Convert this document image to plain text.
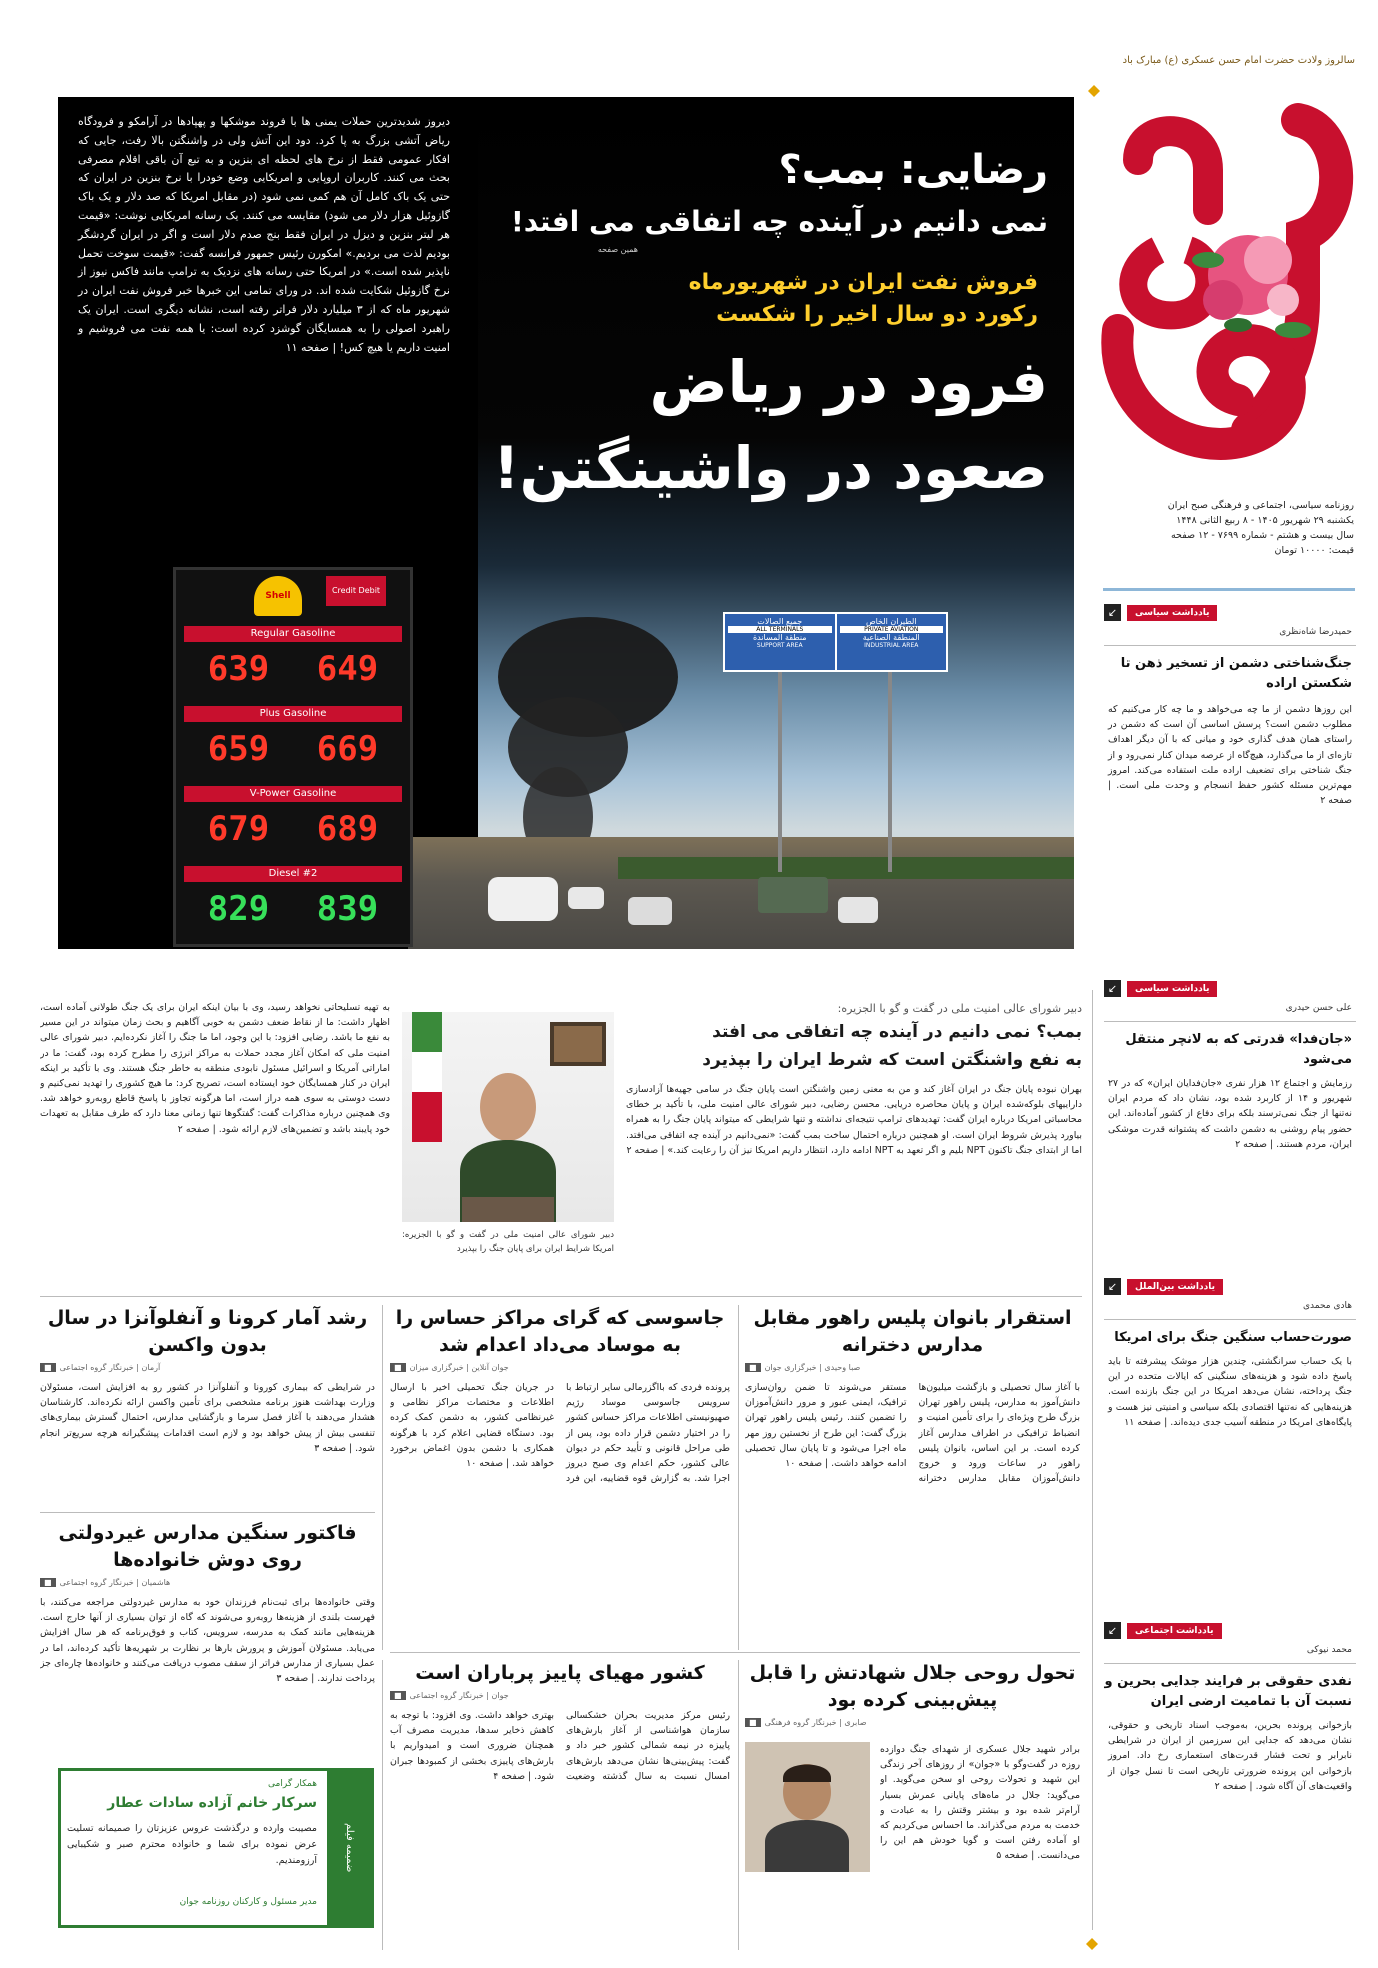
سالروز ولادت حضرت امام حسن عسکری (ع) مبارک باد
روزنامه سیاسی، اجتماعی و فرهنگی صبح ایران
یکشنبه ۲۹ شهریور ۱۴۰۵ - ۸ ربیع الثانی ۱۴۴۸
سال بیست و هشتم - شماره ۷۶۹۹ - ۱۲ صفحه
قیمت: ۱۰۰۰۰ تومان
الطيران الخاص
PRIVATE AVIATION
المنطقة الصناعية
INDUSTRIAL AREA
جميع الصالات
ALL TERMINALS
منطقة المساندة
SUPPORT AREA
Shell
Credit Debit
Regular Gasoline
639 649
Plus Gasoline
659 669
V-Power Gasoline
679 689
Diesel #2
829 839
دیروز شدیدترین حملات یمنی ها با فروند موشکها و پهپادها در آرامکو و فرودگاه ریاض آتشی بزرگ به پا کرد. دود این آتش ولی در واشنگتن بالا رفت، جایی که افکار عمومی فقط از نرخ های لحظه ای بنزین و به تبع آن باقی اقلام مصرفی بحث می کنند. کاربران اروپایی و امریکایی وضع خودرا با نرخ بنزین در ایران که حتی یک باک کامل آن هم کمی نمی شود (در مقابل امریکا که صد دلار و یک باک گازوئیل هزار دلار می شود) مقایسه می کنند. یک رسانه امریکایی نوشت: «قیمت هر لیتر بنزین و دیزل در ایران فقط بنج صدم دلار است و اگر در ایران گردشگر بودیم لذت می بردیم.» امکورن رئیس جمهور فرانسه گفت: «قیمت سوخت تحمل ناپذیر شده است.» در امریکا حتی رسانه های نزدیک به ترامپ مانند فاکس نیوز از نرخ گازوئیل شکایت شده اند. در ورای تمامی این خبرها خبر فروش نفت ایران در شهریور ماه که از ۳ میلیارد دلار فراتر رفته است، نشانه دیگری است. ایران یک راهبرد اصولی را به همسایگان گوشزد کرده است: یا همه نفت می فروشیم و امنیت داریم یا هیچ کس! | صفحه ۱۱
رضایی: بمب؟
نمی دانیم در آینده چه اتفاقی می افتد!
همین صفحه
فروش نفت ایران در شهریورماه
رکورد دو سال اخیر را شکست
فرود در ریاض
صعود در واشینگتن!
یادداشت سیاسی
↙
حمیدرضا شاه‌نظری
جنگ‌شناختی دشمن از تسخیر ذهن تا شکستن اراده
این روزها دشمن از ما چه می‌خواهد و ما چه کار می‌کنیم که مطلوب دشمن است؟ پرسش اساسی آن است که دشمن در راستای همان هدف گذاری خود و میانی که با آن دیگر اهداف تازه‌ای از ما می‌گذارد، هیچ‌گاه از عرصه میدان کنار نمی‌رود و از جنگ شناختی برای تضعیف اراده ملت استفاده می‌کند. امروز مهم‌ترین مسئله کشور حفظ انسجام و وحدت ملی است. | صفحه ۲
یادداشت سیاسی
↙
علی حسن حیدری
«جان‌فدا» قدرتی که به لانچر منتقل می‌شود
رزمایش و اجتماع ۱۲ هزار نفری «جان‌فدایان ایران» که در ۲۷ شهریور و ۱۴ از کاربرد شده بود، نشان داد که مردم ایران نه‌تنها از جنگ نمی‌ترسند بلکه برای دفاع از کشور آماده‌اند. این حضور پیام روشنی به دشمن داشت که پشتوانه قدرت موشکی ایران، مردم هستند. | صفحه ۲
یادداشت بین‌الملل
↙
هادی محمدی
صورت‌حساب سنگین جنگ برای امریکا
با یک حساب سرانگشتی، چندین هزار موشک پیشرفته تا باید پاسخ داده شود و هزینه‌های سنگینی که ایالات متحده در این جنگ پرداخته، نشان می‌دهد امریکا در این جنگ بازنده است. هزینه‌هایی که نه‌تنها اقتصادی بلکه سیاسی و امنیتی نیز هست و پایگاه‌های امریکا در منطقه آسیب جدی دیده‌اند. | صفحه ۱۱
یادداشت اجتماعی
↙
محمد نیوکی
نفدی حقوقی بر فرایند جدایی بحرین و نسبت آن با تمامیت ارضی ایران
بازخوانی پرونده بحرین، به‌موجب اسناد تاریخی و حقوقی، نشان می‌دهد که جدایی این سرزمین از ایران در شرایطی نابرابر و تحت فشار قدرت‌های استعماری رخ داد. امروز بازخوانی این پرونده ضرورتی تاریخی است تا نسل جوان از واقعیت‌های آن آگاه شود. | صفحه ۲
به تهیه تسلیحاتی نخواهد رسید، وی با بیان اینکه ایران برای یک جنگ طولانی آماده است، اظهار داشت: ما از نقاط ضعف دشمن به خوبی آگاهیم و بحث زمان میتواند در این مسیر به نفع ما باشد. رضایی افزود: با این وجود، اما ما جنگ را آغاز نکرده‌ایم. دبیر شورای عالی امنیت ملی که امکان آغاز مجدد حملات به مراکز انرژی را مطرح کرده بود، گفت: ما در اماراتی آمریکا و اسرائیل مسئول نابودی منطقه به خاطر جنگ هستند. وی با تأکید بر اینکه ایران در کنار همسایگان خود ایستاده است، تصریح کرد: ما هیچ کشوری را تهدید نمی‌کنیم و دست دوستی به سوی همه دراز است، اما هرگونه تجاوز با پاسخ قاطع روبه‌رو خواهد شد. وی همچنین درباره مذاکرات گفت: گفتگوها تنها زمانی معنا دارد که طرف مقابل به تعهدات خود پایبند باشد و تضمین‌های لازم ارائه شود. | صفحه ۲
دبیر شورای عالی امنیت ملی در گفت و گو با الجزیره: امریکا شرایط ایران برای پایان جنگ را بپذیرد
دبیر شورای عالی امنیت ملی در گفت و گو با الجزیره:
بمب؟ نمی دانیم در آینده چه اتفاقی می افتد
به نفع واشنگتن است که شرط ایران را بپذیرد
بهران نبوده پایان جنگ در ایران آغاز کند و من به معنی زمین واشنگتن است پایان جنگ در سامی جهیه‌ها آزادسازی داراییهای بلوکه‌شده ایران و پایان محاصره دریایی. محسن رضایی، دبیر شورای عالی امنیت ملی، با تأکید بر خطای محاسباتی امریکا درباره ایران گفت: تهدیدهای ترامپ نتیجه‌ای نداشته و تنها شرایطی که میتواند پایان جنگ را به همراه بیاورد پذیرش شروط ایران است. او همچنین درباره احتمال ساخت بمب گفت: «نمی‌دانیم در آینده چه اتفاقی می‌افتد. اما از ابتدای جنگ تاکنون NPT بلیم و اگر تعهد به NPT ادامه دارد، انتظار داریم امریکا نیز آن را رعایت کند.» | صفحه ۲
استقرار بانوان پلیس راهور مقابل مدارس دخترانه
صبا وحیدی | خبرگزاری جوان
■
با آغاز سال تحصیلی و بازگشت میلیون‌ها دانش‌آموز به مدارس، پلیس راهور تهران بزرگ طرح ویژه‌ای را برای تأمین امنیت و انضباط ترافیکی در اطراف مدارس آغاز کرده است. بر این اساس، بانوان پلیس راهور در ساعات ورود و خروج دانش‌آموزان مقابل مدارس دخترانه مستقر می‌شوند تا ضمن روان‌سازی ترافیک، ایمنی عبور و مرور دانش‌آموزان را تضمین کنند. رئیس پلیس راهور تهران بزرگ گفت: این طرح از نخستین روز مهر ماه اجرا می‌شود و تا پایان سال تحصیلی ادامه خواهد داشت. | صفحه ۱۰
جاسوسی که گرای مراکز حساس را به موساد می‌داد اعدام شد
جوان آنلاین | خبرگزاری میزان
■
پرونده فردی که بااگزرمالی سایر ارتباط با سرویس جاسوسی موساد رژیم صهیونیستی اطلاعات مراکز حساس کشور را در اختیار دشمن قرار داده بود، پس از طی مراحل قانونی و تأیید حکم در دیوان عالی کشور، حکم اعدام وی صبح دیروز اجرا شد. به گزارش قوه قضاییه، این فرد در جریان جنگ تحمیلی اخیر با ارسال اطلاعات و مختصات مراکز نظامی و غیرنظامی کشور، به دشمن کمک کرده بود. دستگاه قضایی اعلام کرد با هرگونه همکاری با دشمن بدون اغماض برخورد خواهد شد. | صفحه ۱۰
رشد آمار کرونا و آنفلوآنزا در سال بدون واکسن
آرمان | خبرنگار گروه اجتماعی
■
در شرایطی که بیماری کورونا و آنفلوآنزا در کشور رو به افزایش است، مسئولان وزارت بهداشت هنوز برنامه مشخصی برای تأمین واکسن ارائه نکرده‌اند. کارشناسان هشدار می‌دهند با آغاز فصل سرما و بازگشایی مدارس، احتمال گسترش بیماری‌های تنفسی بیش از پیش خواهد بود و لازم است اقدامات پیشگیرانه هرچه سریع‌تر انجام شود. | صفحه ۳
فاکتور سنگین مدارس غیردولتی روی دوش خانواده‌ها
هاشمیان | خبرنگار گروه اجتماعی
■
وقتی خانواده‌ها برای ثبت‌نام فرزندان خود به مدارس غیردولتی مراجعه می‌کنند، با فهرست بلندی از هزینه‌ها روبه‌رو می‌شوند که گاه از توان بسیاری از آنها خارج است. هزینه‌هایی مانند کمک به مدرسه، سرویس، کتاب و فوق‌برنامه که هر سال افزایش می‌یابد. مسئولان آموزش و پرورش بارها بر نظارت بر شهریه‌ها تأکید کرده‌اند، اما در عمل بسیاری از مدارس فراتر از سقف مصوب دریافت می‌کنند و خانواده‌ها چاره‌ای جز پرداخت ندارند. | صفحه ۳	تحول روحی جلال شهادتش را قابل پیش‌بینی کرده بود
صابری | خبرنگار گروه فرهنگی
■
برادر شهید جلال عسکری از شهدای جنگ دوازده روزه در گفت‌وگو با «جوان» از روزهای آخر زندگی این شهید و تحولات روحی او سخن می‌گوید. او می‌گوید: جلال در ماه‌های پایانی عمرش بسیار آرام‌تر شده بود و بیشتر وقتش را به عبادت و خدمت به مردم می‌گذراند. ما احساس می‌کردیم که او آماده رفتن است و گویا خودش هم این را می‌دانست. | صفحه ۵
کشور مهیای پاییز پرباران است
جوان | خبرنگار گروه اجتماعی
■
رئیس مرکز مدیریت بحران خشکسالی سازمان هواشناسی از آغاز بارش‌های پاییزه در نیمه شمالی کشور خبر داد و گفت: پیش‌بینی‌ها نشان می‌دهد بارش‌های امسال نسبت به سال گذشته وضعیت بهتری خواهد داشت. وی افزود: با توجه به کاهش ذخایر سدها، مدیریت مصرف آب همچنان ضروری است و امیدواریم با بارش‌های پاییزی بخشی از کمبودها جبران شود. | صفحه ۴
ضمیمه فیلم
همکار گرامی
سرکار خانم آزاده سادات عطار
مصیبت وارده و درگذشت عروس عزیزتان را صمیمانه تسلیت عرض نموده برای شما و خانواده محترم صبر و شکیبایی آرزومندیم.
مدیر مسئول و کارکنان روزنامه جوان
